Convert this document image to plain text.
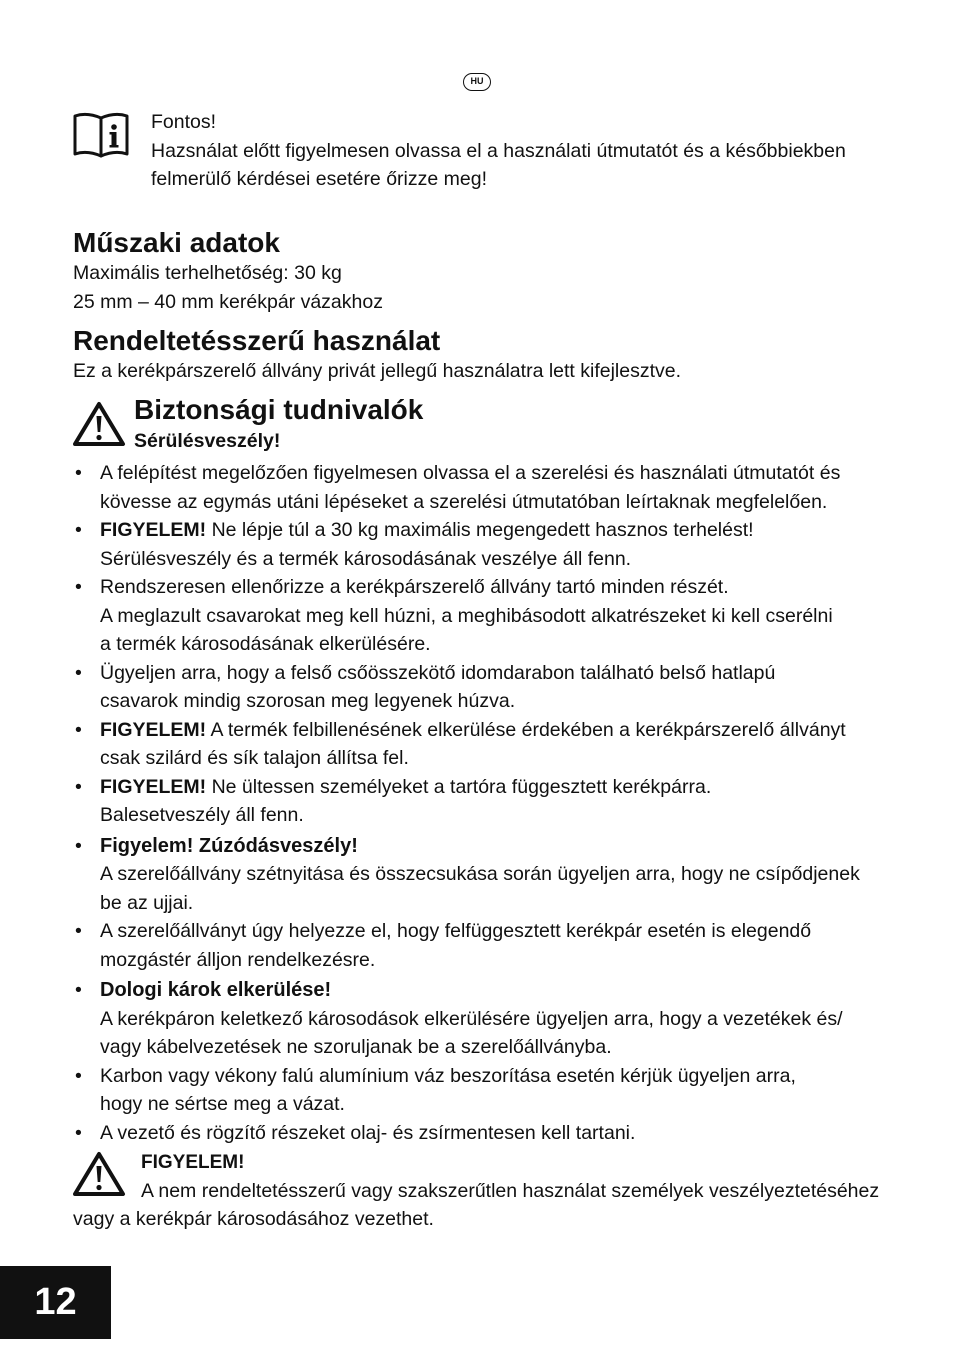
HU
Fontos!
Hazsnálat előtt figyelmesen olvassa el a használati útmutatót és a későbbiekben
felmerülő kérdései esetére őrizze meg!
Műszaki adatok
Maximális terhelhetőség: 30 kg
25 mm – 40 mm kerékpár vázakhoz
Rendeltetésszerű használat
Ez a kerékpárszerelő állvány privát jellegű használatra lett kifejlesztve.
Biztonsági tudnivalók
Sérülésveszély!
• A felépítést megelőzően figyelmesen olvassa el a szerelési és használati útmutatót és
kövesse az egymás utáni lépéseket a szerelési útmutatóban leírtaknak megfelelően.
• FIGYELEM! Ne lépje túl a 30 kg maximális megengedett hasznos terhelést!
Sérülésveszély és a termék károsodásának veszélye áll fenn.
• Rendszeresen ellenőrizze a kerékpárszerelő állvány tartó minden részét.
A meglazult csavarokat meg kell húzni, a meghibásodott alkatrészeket ki kell cserélni
a termék károsodásának elkerülésére.
• Ügyeljen arra, hogy a felső csőösszekötő idomdarabon található belső hatlapú
csavarok mindig szorosan meg legyenek húzva.
• FIGYELEM! A termék felbillenésének elkerülése érdekében a kerékpárszerelő állványt
csak szilárd és sík talajon állítsa fel.
• FIGYELEM! Ne ültessen személyeket a tartóra függesztett kerékpárra.
Balesetveszély áll fenn.
• Figyelem! Zúzódásveszély!
A szerelőállvány szétnyitása és összecsukása során ügyeljen arra, hogy ne csípődjenek
be az ujjai.
• A szerelőállványt úgy helyezze el, hogy felfüggesztett kerékpár esetén is elegendő
mozgástér álljon rendelkezésre.
• Dologi károk elkerülése!
A kerékpáron keletkező károsodások elkerülésére ügyeljen arra, hogy a vezetékek és/
vagy kábelvezetések ne szoruljanak be a szerelőállványba.
• Karbon vagy vékony falú alumínium váz beszorítása esetén kérjük ügyeljen arra,
hogy ne sértse meg a vázat.
• A vezető és rögzítő részeket olaj- és zsírmentesen kell tartani.
FIGYELEM!
A nem rendeltetésszerű vagy szakszerűtlen használat személyek veszélyeztetéséhez
vagy a kerékpár károsodásához vezethet.
12
